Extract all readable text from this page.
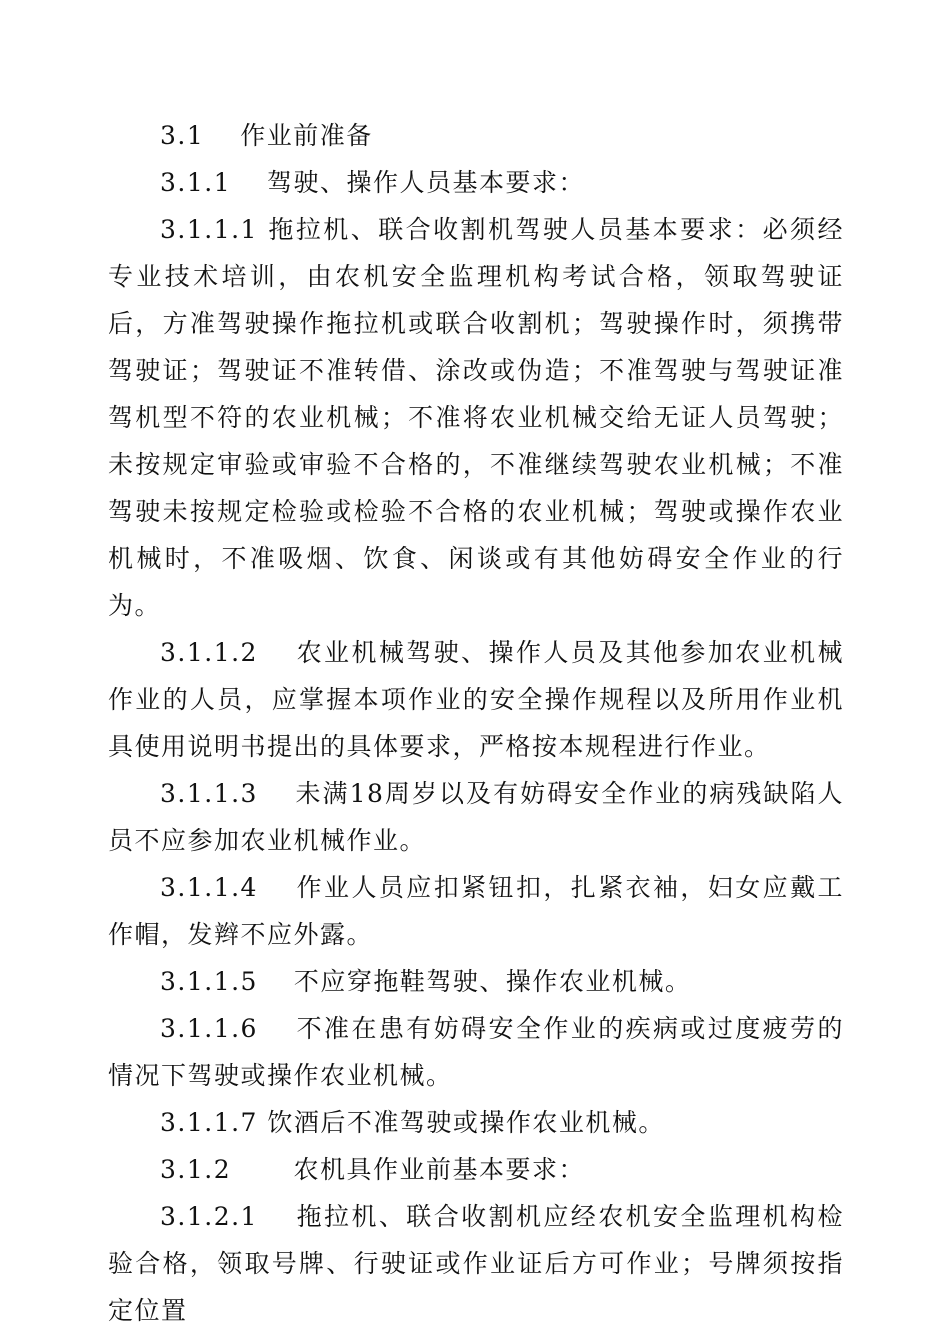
3.1　 作业前准备

3.1.1　 驾驶、操作人员基本要求：

3.1.1.1 拖拉机、联合收割机驾驶人员基本要求：必须经专业技术培训，由农机安全监理机构考试合格，领取驾驶证后，方准驾驶操作拖拉机或联合收割机；驾驶操作时，须携带驾驶证；驾驶证不准转借、涂改或伪造；不准驾驶与驾驶证准驾机型不符的农业机械；不准将农业机械交给无证人员驾驶；未按规定审验或审验不合格的，不准继续驾驶农业机械；不准驾驶未按规定检验或检验不合格的农业机械；驾驶或操作农业机械时，不准吸烟、饮食、闲谈或有其他妨碍安全作业的行为。

3.1.1.2　 农业机械驾驶、操作人员及其他参加农业机械作业的人员，应掌握本项作业的安全操作规程以及所用作业机具使用说明书提出的具体要求，严格按本规程进行作业。

3.1.1.3　 未满18周岁以及有妨碍安全作业的病残缺陷人员不应参加农业机械作业。

3.1.1.4　 作业人员应扣紧钮扣，扎紧衣袖，妇女应戴工作帽，发辫不应外露。

3.1.1.5　 不应穿拖鞋驾驶、操作农业机械。

3.1.1.6　 不准在患有妨碍安全作业的疾病或过度疲劳的情况下驾驶或操作农业机械。

3.1.1.7 饮酒后不准驾驶或操作农业机械。

3.1.2　　 农机具作业前基本要求：

3.1.2.1　 拖拉机、联合收割机应经农机安全监理机构检验合格，领取号牌、行驶证或作业证后方可作业；号牌须按指定位置
